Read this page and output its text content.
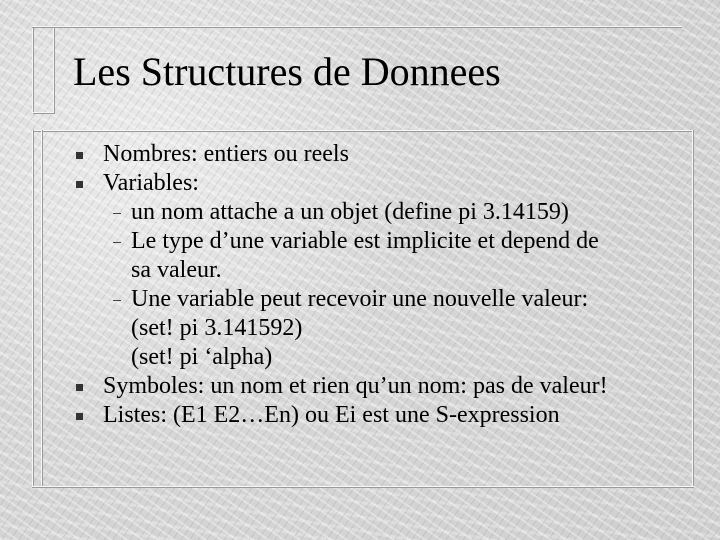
Les Structures de Donnees
Nombres: entiers ou reels
Variables:
un nom attache a un objet (define pi 3.14159)
Le type d’une variable est implicite et depend de
sa valeur.
Une variable peut recevoir une nouvelle valeur:
(set! pi 3.141592)
(set! pi ‘alpha)
Symboles: un nom et rien qu’un nom: pas de valeur!
Listes: (E1 E2…En) ou Ei est une S-expression
